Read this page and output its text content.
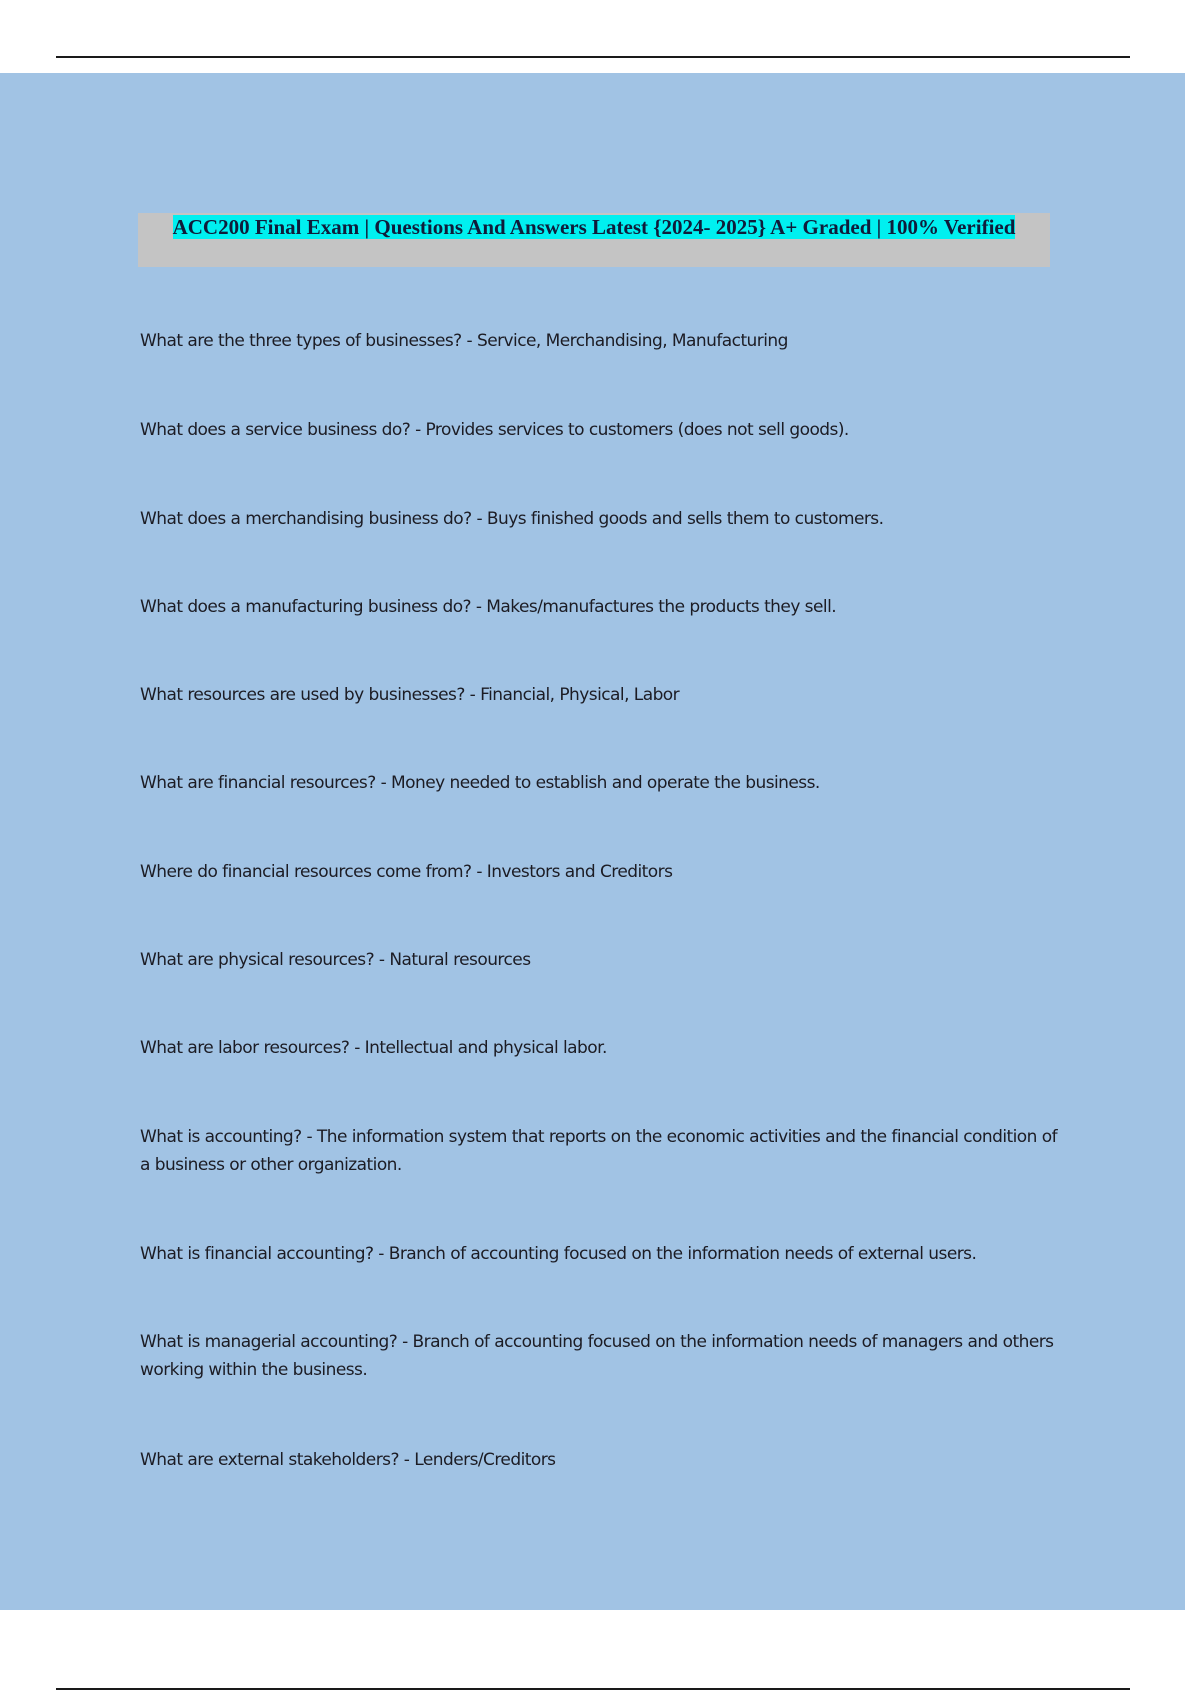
ACC200 Final Exam | Questions And Answers Latest {2024- 2025} A+ Graded | 100% Verified
What are the three types of businesses? - Service, Merchandising, Manufacturing
What does a service business do? - Provides services to customers (does not sell goods).
What does a merchandising business do? - Buys finished goods and sells them to customers.
What does a manufacturing business do? - Makes/manufactures the products they sell.
What resources are used by businesses? - Financial, Physical, Labor
What are financial resources? - Money needed to establish and operate the business.
Where do financial resources come from? - Investors and Creditors
What are physical resources? - Natural resources
What are labor resources? - Intellectual and physical labor.
What is accounting? - The information system that reports on the economic activities and the financial condition of a business or other organization.
What is financial accounting? - Branch of accounting focused on the information needs of external users.
What is managerial accounting? - Branch of accounting focused on the information needs of managers and others working within the business.
What are external stakeholders? - Lenders/Creditors
